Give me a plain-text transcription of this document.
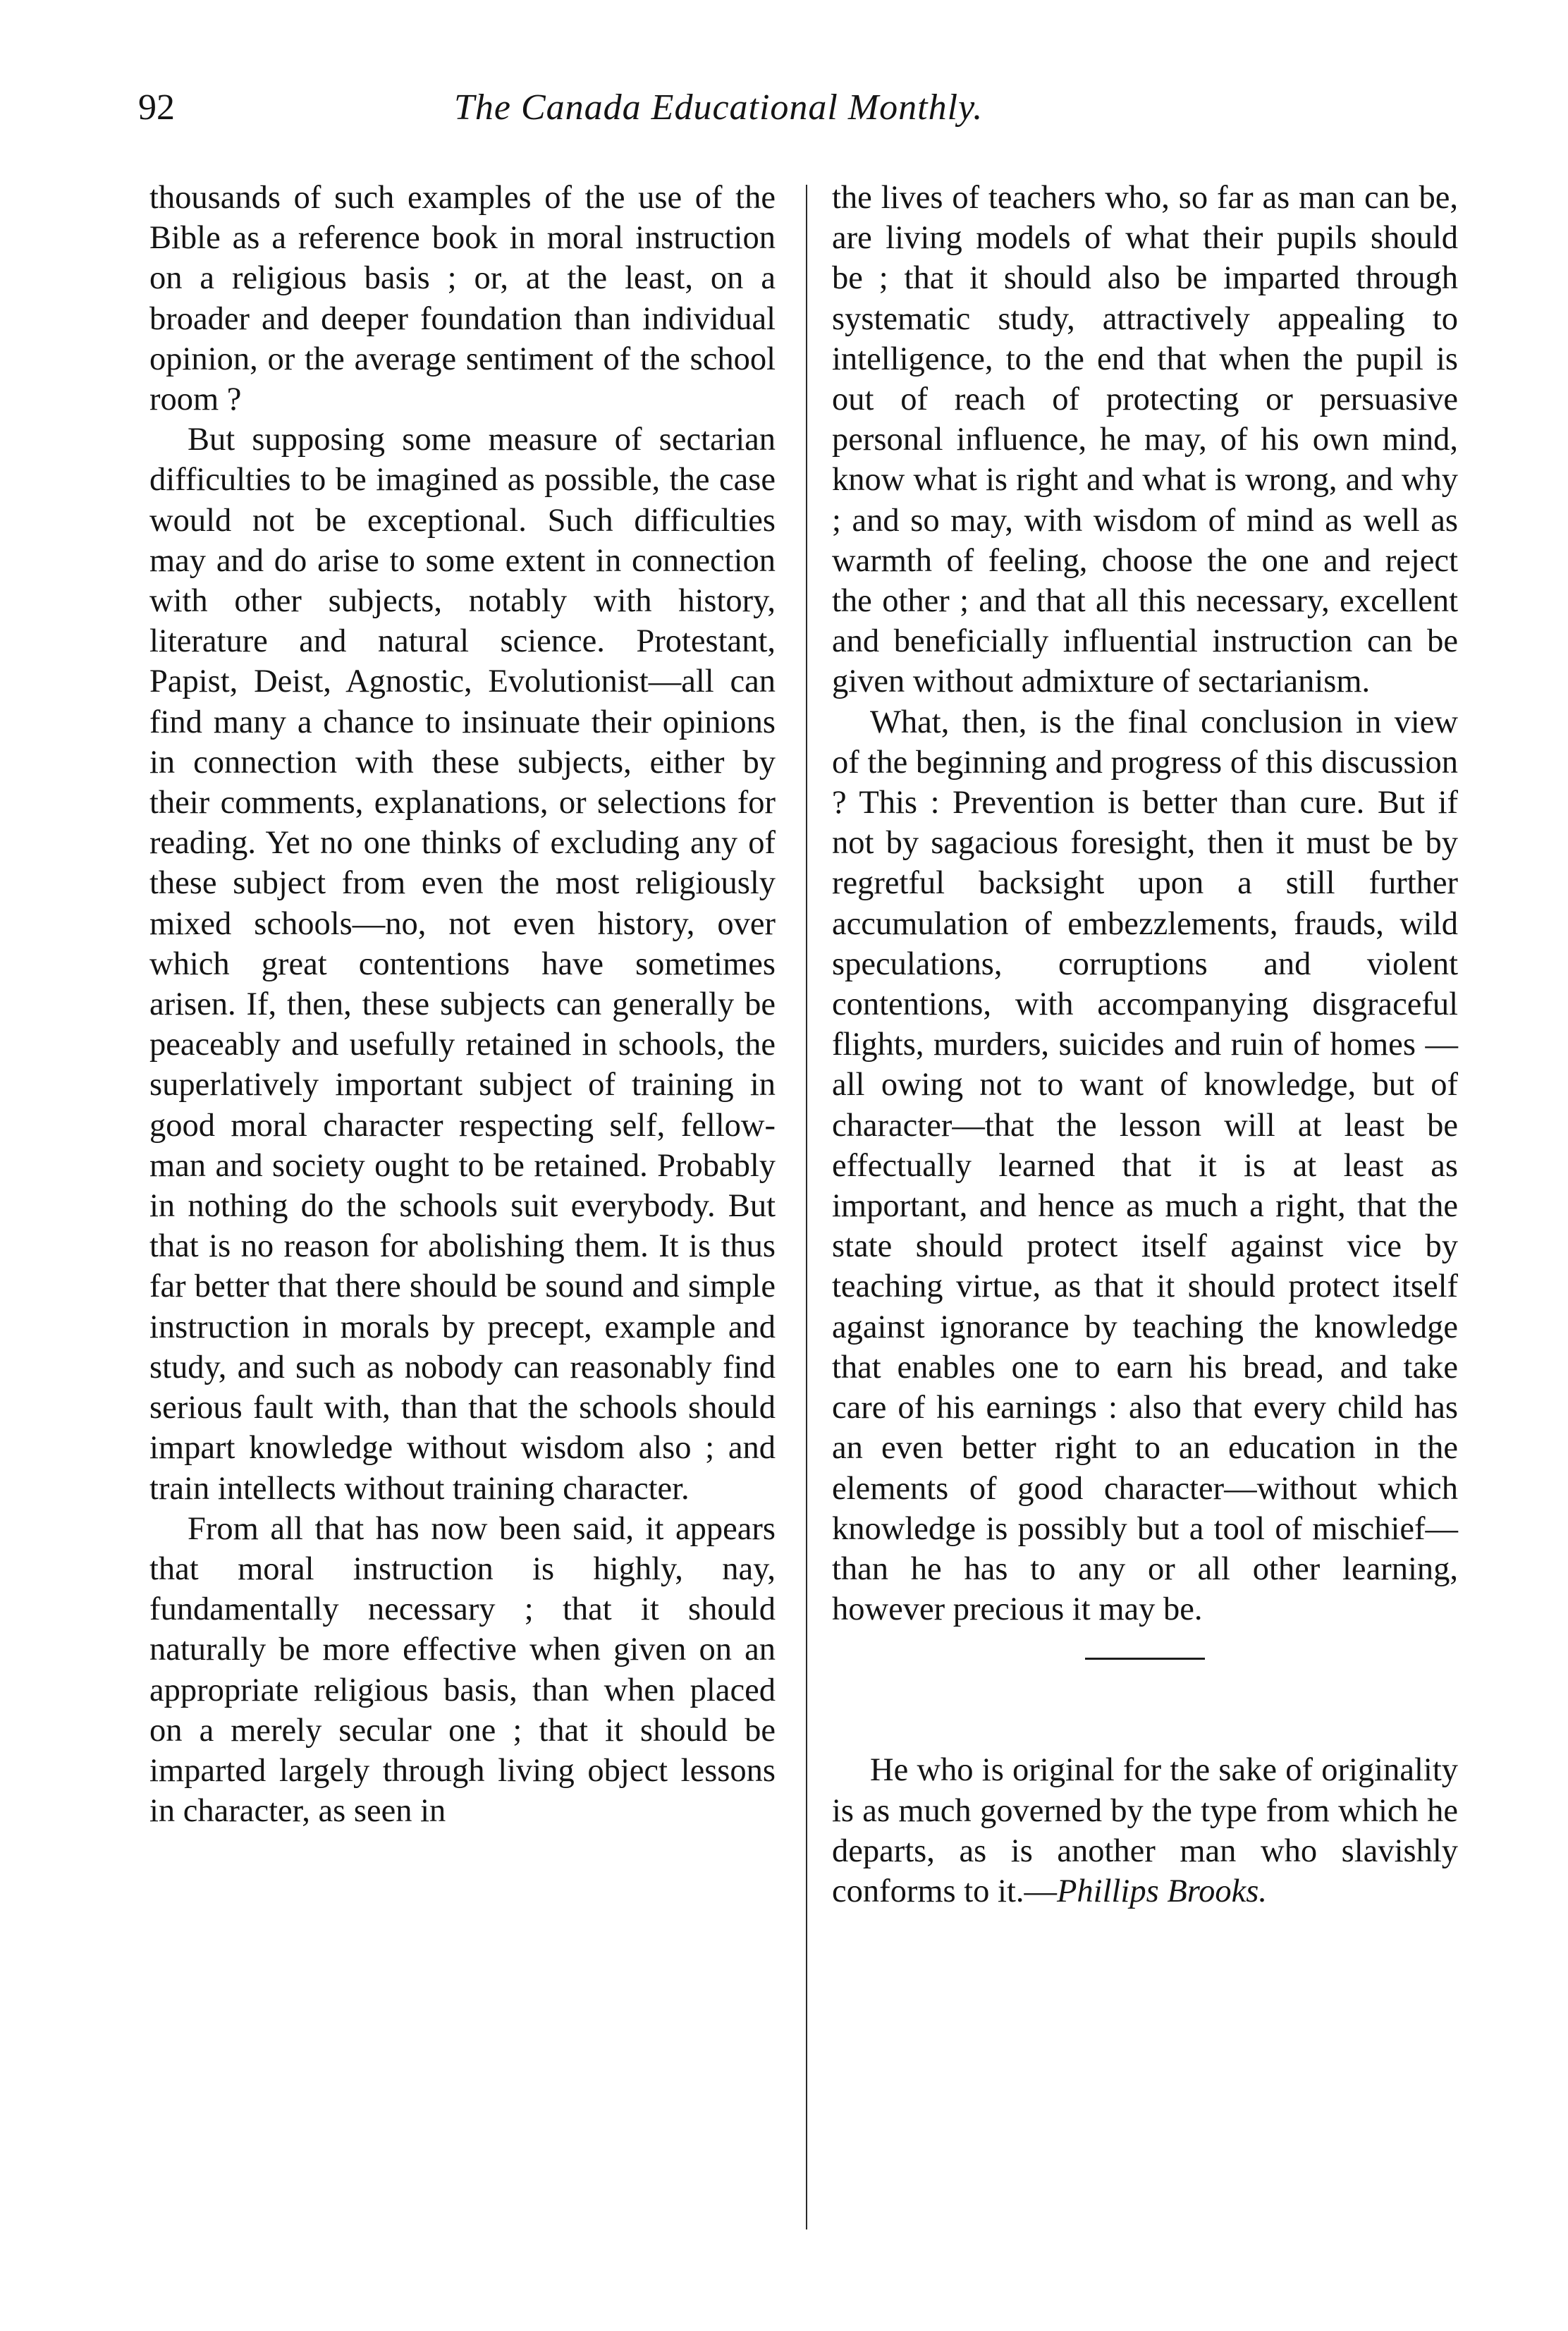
92	The Canada Educational Monthly.

thousands of such examples of the use of the Bible as a reference book in moral instruction on a religious basis ; or, at the least, on a broader and deeper foundation than individual opinion, or the average sentiment of the school room ?

But supposing some measure of sectarian difficulties to be imagined as possible, the case would not be exceptional. Such difficulties may and do arise to some extent in connection with other subjects, notably with history, literature and natural science. Protestant, Papist, Deist, Agnostic, Evolutionist—all can find many a chance to insinuate their opinions in connection with these subjects, either by their comments, explanations, or selections for reading. Yet no one thinks of excluding any of these subject from even the most religiously mixed schools—no, not even history, over which great contentions have sometimes arisen. If, then, these subjects can generally be peaceably and usefully retained in schools, the superlatively important subject of training in good moral character respecting self, fellow-man and society ought to be retained. Probably in nothing do the schools suit everybody. But that is no reason for abolishing them. It is thus far better that there should be sound and simple instruction in morals by precept, example and study, and such as nobody can reasonably find serious fault with, than that the schools should impart knowledge without wisdom also ; and train intellects without training character.

From all that has now been said, it appears that moral instruction is highly, nay, fundamentally necessary ; that it should naturally be more effective when given on an appropriate religious basis, than when placed on a merely secular one ; that it should be imparted largely through living object lessons in character, as seen in

the lives of teachers who, so far as man can be, are living models of what their pupils should be ; that it should also be imparted through systematic study, attractively appealing to intelligence, to the end that when the pupil is out of reach of protecting or persuasive personal influence, he may, of his own mind, know what is right and what is wrong, and why ; and so may, with wisdom of mind as well as warmth of feeling, choose the one and reject the other ; and that all this necessary, excellent and beneficially influential instruction can be given without admixture of sectarianism.

What, then, is the final conclusion in view of the beginning and progress of this discussion ? This : Prevention is better than cure. But if not by sagacious foresight, then it must be by regretful backsight upon a still further accumulation of embezzlements, frauds, wild speculations, corruptions and violent contentions, with accompanying disgraceful flights, murders, suicides and ruin of homes —all owing not to want of knowledge, but of character—that the lesson will at least be effectually learned that it is at least as important, and hence as much a right, that the state should protect itself against vice by teaching virtue, as that it should protect itself against ignorance by teaching the knowledge that enables one to earn his bread, and take care of his earnings : also that every child has an even better right to an education in the elements of good character—without which knowledge is possibly but a tool of mischief—than he has to any or all other learning, however precious it may be.

He who is original for the sake of originality is as much governed by the type from which he departs, as is another man who slavishly conforms to it.—Phillips Brooks.
